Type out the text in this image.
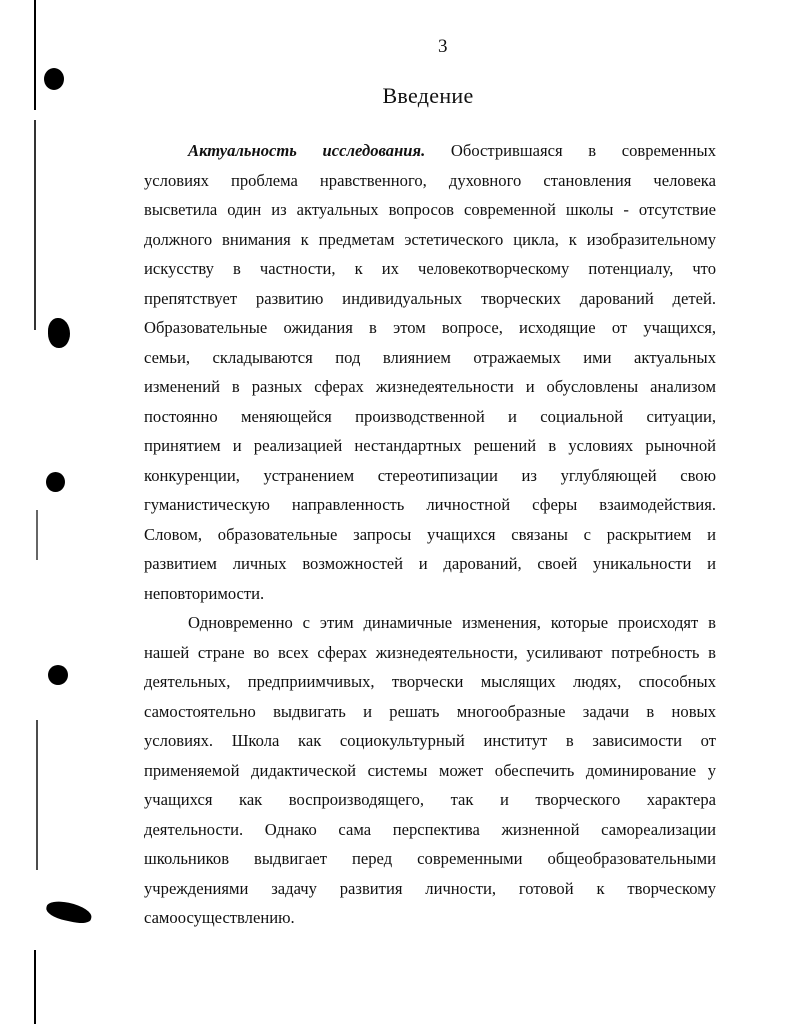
3
Введение
Актуальность исследования. Обострившаяся в современных
условиях проблема нравственного, духовного становления человека
высветила один из актуальных вопросов современной школы - отсутствие
должного внимания к предметам эстетического цикла, к изобразительному
искусству в частности, к их человекотворческому потенциалу, что
препятствует развитию индивидуальных творческих дарований детей.
Образовательные ожидания в этом вопросе, исходящие от учащихся,
семьи, складываются под влиянием отражаемых ими актуальных
изменений в разных сферах жизнедеятельности и обусловлены анализом
постоянно меняющейся производственной и социальной ситуации,
принятием и реализацией нестандартных решений в условиях рыночной
конкуренции, устранением стереотипизации из углубляющей свою
гуманистическую направленность личностной сферы взаимодействия.
Словом, образовательные запросы учащихся связаны с раскрытием и
развитием личных возможностей и дарований, своей уникальности и
неповторимости.
Одновременно с этим динамичные изменения, которые происходят в
нашей стране во всех сферах жизнедеятельности, усиливают потребность в
деятельных, предприимчивых, творчески мыслящих людях, способных
самостоятельно выдвигать и решать многообразные задачи в новых
условиях. Школа как социокультурный институт в зависимости от
применяемой дидактической системы может обеспечить доминирование у
учащихся как воспроизводящего, так и творческого характера
деятельности. Однако сама перспектива жизненной самореализации
школьников выдвигает перед современными общеобразовательными
учреждениями задачу развития личности, готовой к творческому
самоосуществлению.
